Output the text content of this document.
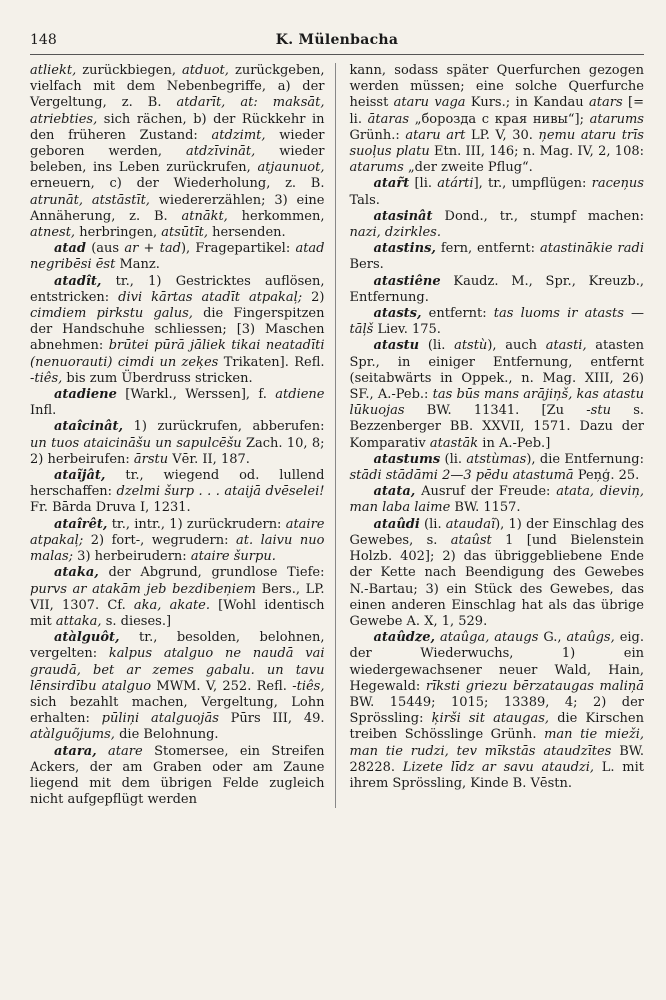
148	K. Mülenbacha

atliekt, zurückbiegen, atduot, zurückgeben, vielfach mit dem Nebenbegriffe, a) der Vergeltung, z. B. atdarīt, at: maksāt, atriebties, sich rächen, b) der Rückkehr in den früheren Zustand: atdzimt, wieder geboren werden, atdzīvināt, wieder beleben, ins Leben zurückrufen, atjaunuot, erneuern, c) der Wiederholung, z. B. atrunāt, atstāstīt, wiedererzählen; 3) eine Annäherung, z. B. atnākt, herkommen, atnest, herbringen, atsūtīt, hersenden.

atad (aus ar + tad), Fragepartikel: atad negribēsi ēst Manz.

atadît, tr., 1) Gestricktes auflösen, entstricken: divi kārtas atadīt atpakaļ; 2) cimdiem pirkstu galus, die Fingerspitzen der Handschuhe schliessen; [3) Maschen abnehmen: brūtei pūrā jāliek tikai neatadīti (nenuorauti) cimdi un zeķes Trikaten]. Refl. -tiês, bis zum Überdruss stricken.

atadiene [Warkl., Werssen], f. atdiene Infl.

ataîcinât, 1) zurückrufen, abberufen: un tuos ataicināšu un sapulcēšu Zach. 10, 8; 2) herbeirufen: ārstu Vēr. II, 187.

ataĩjât, tr., wiegend od. lullend herschaffen: dzelmi šurp . . . ataijā dvēselei! Fr. Bārda Druva I, 1231.

ataîrêt, tr., intr., 1) zurückrudern: ataire atpakaļ; 2) fort-, wegrudern: at. laivu nuo malas; 3) herbeirudern: ataire šurpu.

ataka, der Abgrund, grundlose Tiefe: purvs ar atakām jeb bezdibeņiem Bers., LP. VII, 1307. Cf. aka, akate. [Wohl identisch mit attaka, s. dieses.]

atàlguôt, tr., besolden, belohnen, vergelten: kalpus atalguo ne naudā vai graudā, bet ar zemes gabalu. un tavu lēnsirdību atalguo MWM. V, 252. Refl. -tiês, sich bezahlt machen, Vergeltung, Lohn erhalten: pūliņi atalguojās Pūrs III, 49. atàlguõjums, die Belohnung.

atara, atare Stomersee, ein Streifen Ackers, der am Graben oder am Zaune liegend mit dem übrigen Felde zugleich nicht aufgepflügt werden

kann, sodass später Querfurchen gezogen werden müssen; eine solche Querfurche heisst ataru vaga Kurs.; in Kandau atars [= li. ātaras „борозда с края нивы“]; atarums Grünh.: ataru art LP. V, 30. ņemu ataru trīs suoļus platu Etn. III, 146; n. Mag. IV, 2, 108: atarums „der zweite Pflug“.

atar̃t [li. atárti], tr., umpflügen: raceņus Tals.

atasinât Dond., tr., stumpf machen: nazi, dzirkles.

atastins, fern, entfernt: atastinākie radi Bers.

atastiêne Kaudz. M., Spr., Kreuzb., Entfernung.

atasts, entfernt: tas luoms ir atasts — tāļš Liev. 175.

atastu (li. atstù), auch atasti, atasten Spr., in einiger Entfernung, entfernt (seitabwärts in Oppek., n. Mag. XIII, 26) SF., A.-Peb.: tas būs mans arājiņš, kas atastu lūkuojas BW. 11341. [Zu -stu s. Bezzenberger BB. XXVII, 1571. Dazu der Komparativ atastāk in A.-Peb.]

atastums (li. atstùmas), die Entfernung: stādi stādāmi 2—3 pēdu atastumā Peņģ. 25.

atata, Ausruf der Freude: atata, dieviņ, man laba laime BW. 1157.

ataûdi (li. ataudaĩ), 1) der Einschlag des Gewebes, s. ataûst 1 [und Bielenstein Holzb. 402]; 2) das übriggebliebene Ende der Kette nach Beendigung des Gewebes N.-Bartau; 3) ein Stück des Gewebes, das einen anderen Einschlag hat als das übrige Gewebe A. X, 1, 529.

ataûdze, ataûga, ataugs G., ataûgs, eig. der Wiederwuchs, 1) ein wiedergewachsener neuer Wald, Hain, Hegewald: rīksti griezu bērzataugas maliņā BW. 15449; 1015; 13389, 4; 2) der Sprössling: ķirši sit ataugas, die Kirschen treiben Schösslinge Grünh. man tie mieži, man tie rudzi, tev mīkstās ataudzītes BW. 28228. Lizete līdz ar savu ataudzi, L. mit ihrem Sprössling, Kinde B. Vēstn.
